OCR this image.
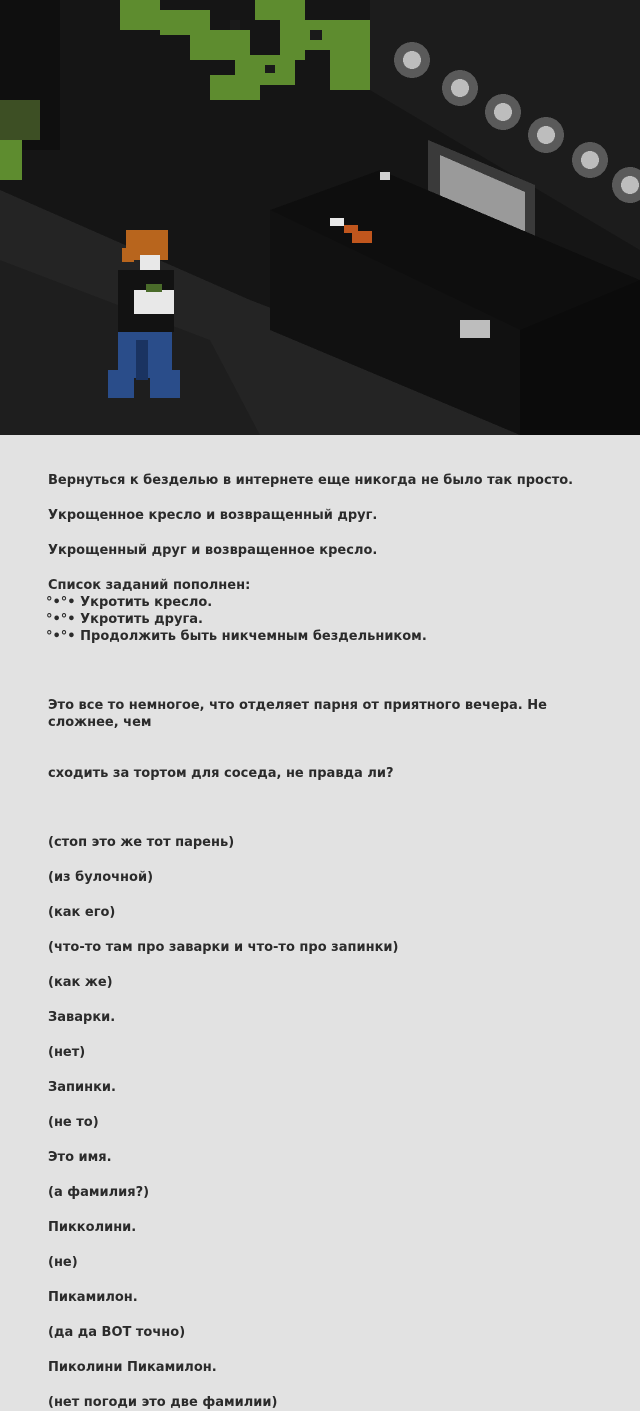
Вернуться к безделью в интернете еще никогда не было так просто.
Укрощенное кресло и возвращенный друг.
Укрощенный друг и возвращенное кресло.
Список заданий пополнен:
°•°• Укротить кресло.
°•°• Укротить друга.
°•°• Продолжить быть никчемным бездельником.

Это все то немногое, что отделяет парня от приятного вечера. Не сложнее, чем

сходить за тортом для соседа, не правда ли?

(стоп это же тот парень)
(из булочной)
(как его)
(что-то там про заварки и что-то про запинки)
(как же)
Заварки.
(нет)
Запинки.
(не то)
Это имя.
(а фамилия?)
Пикколини.
(не)
Пикамилон.
(да да ВОТ точно)
Пиколини Пикамилон.
(нет погоди это две фамилии)
